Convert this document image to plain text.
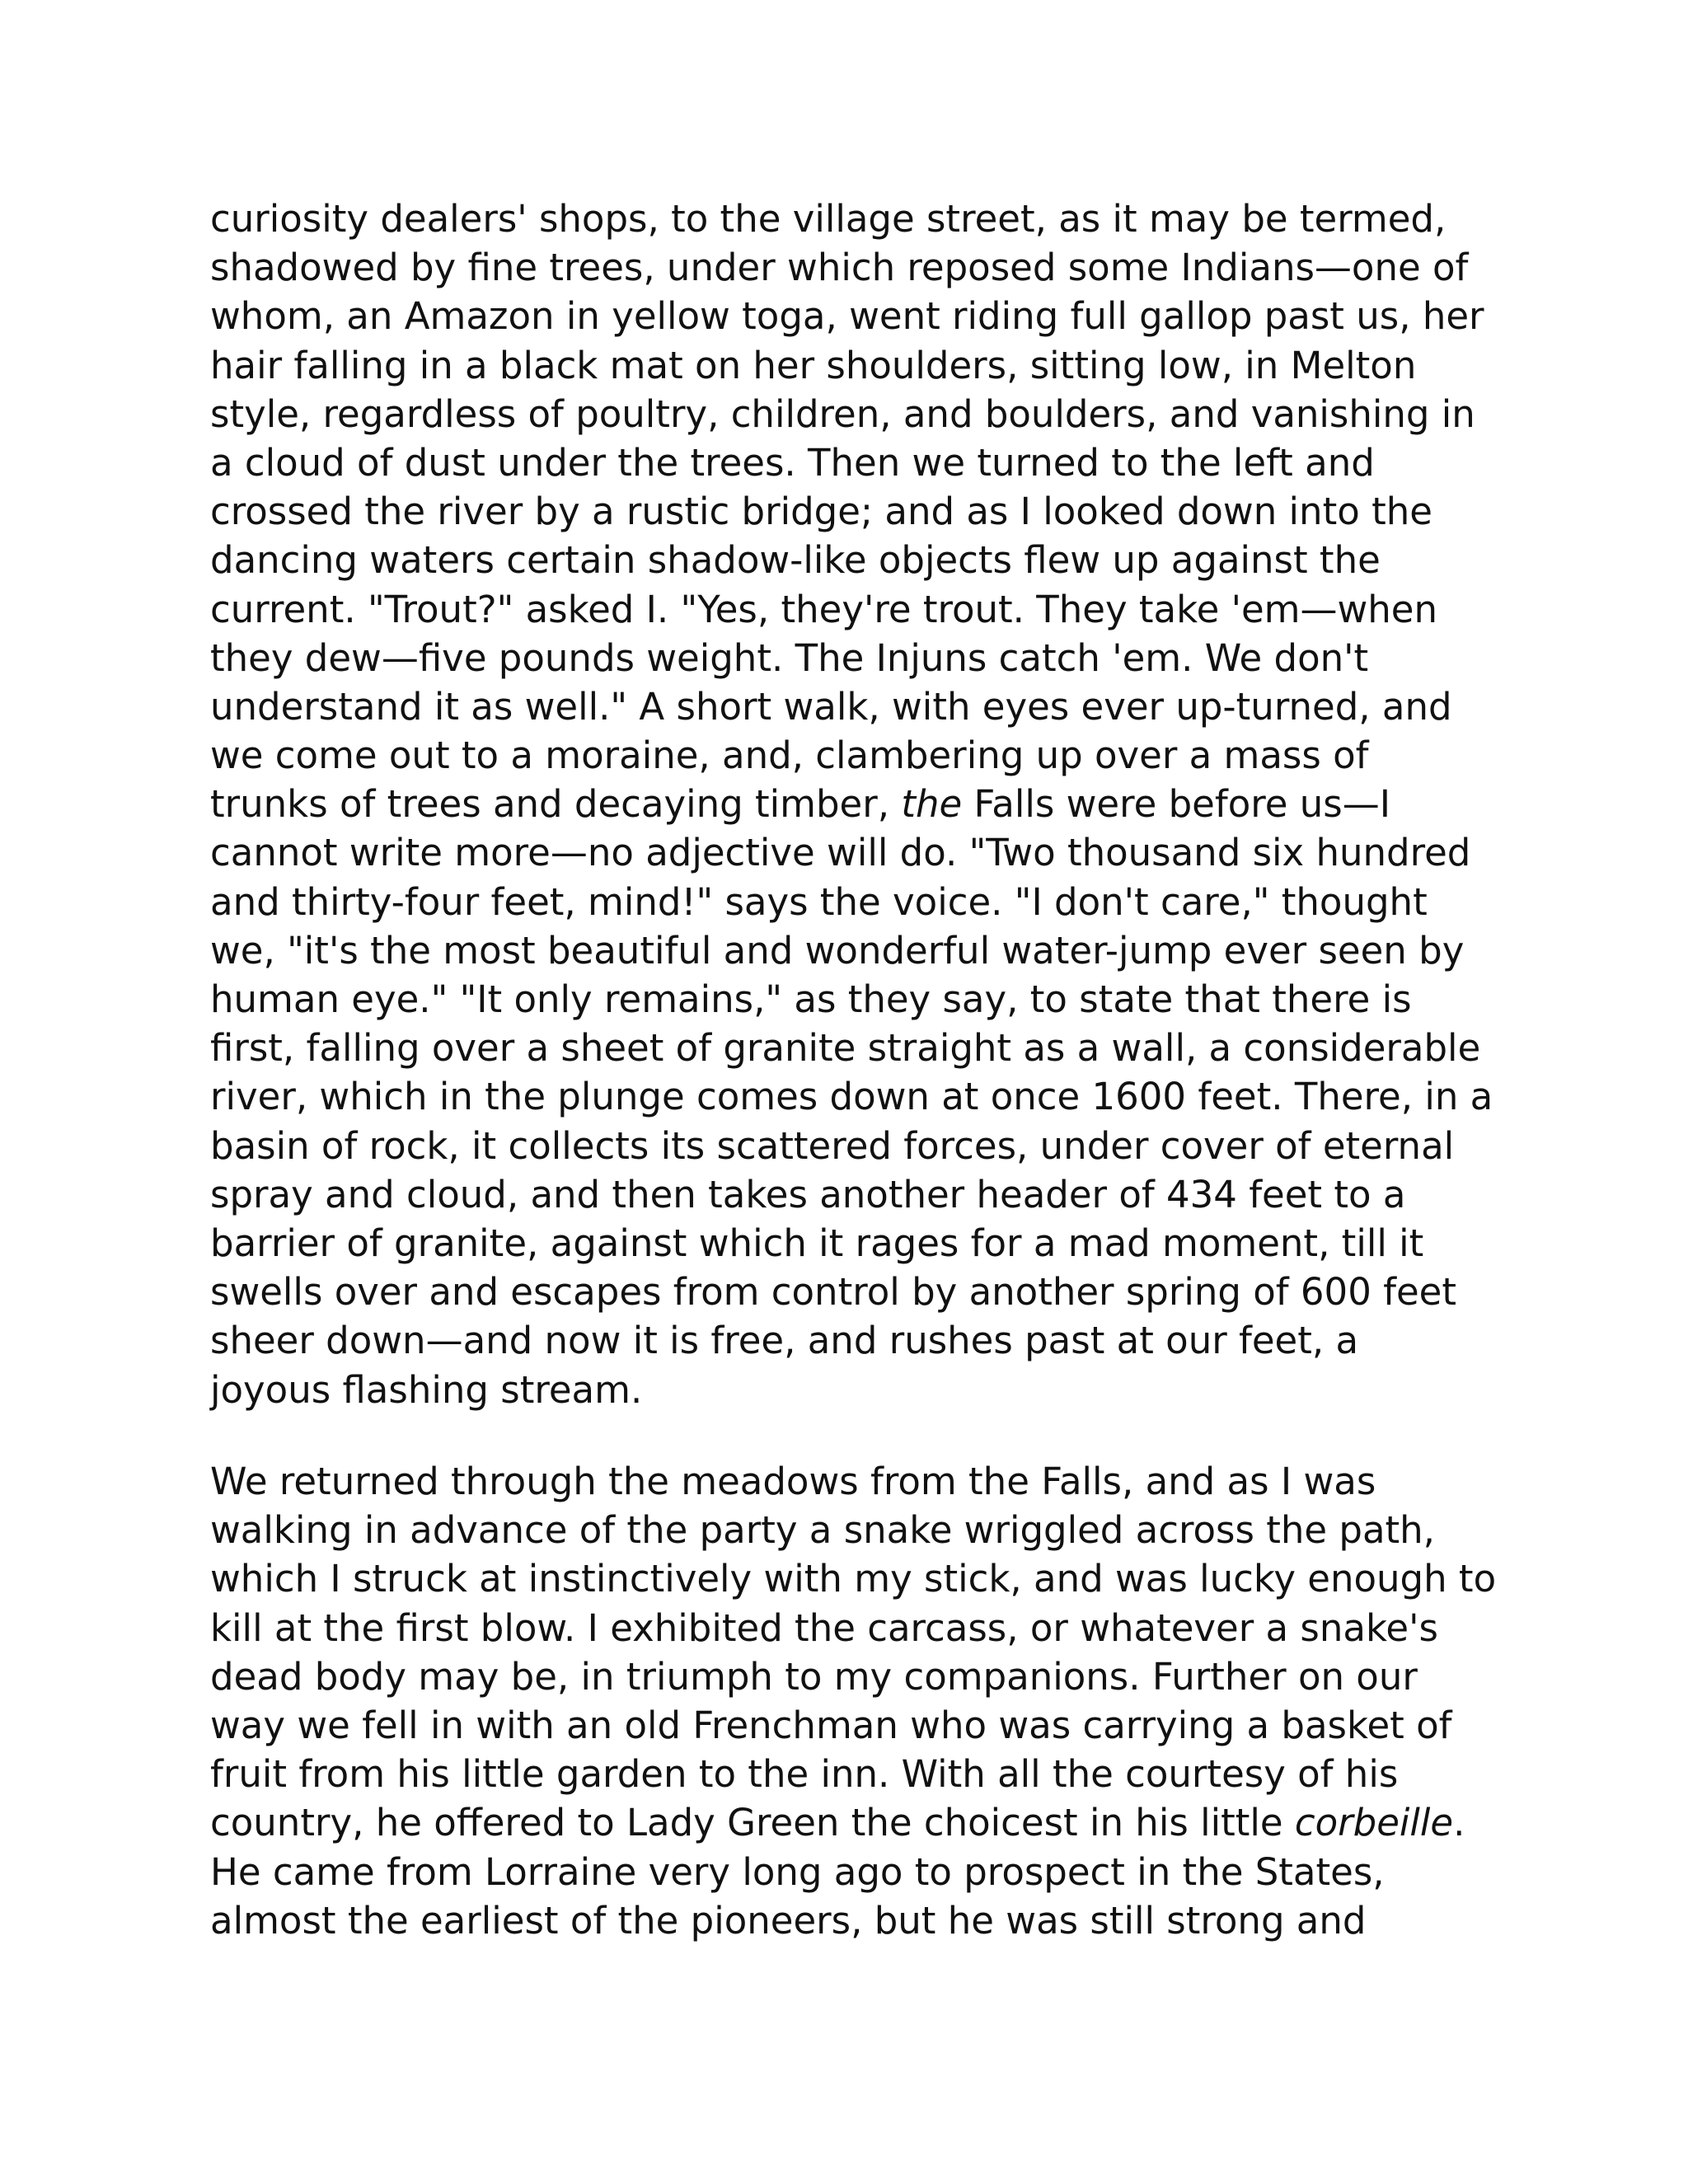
curiosity dealers' shops, to the village street, as it may be termed,
shadowed by fine trees, under which reposed some Indians—one of
whom, an Amazon in yellow toga, went riding full gallop past us, her
hair falling in a black mat on her shoulders, sitting low, in Melton
style, regardless of poultry, children, and boulders, and vanishing in
a cloud of dust under the trees. Then we turned to the left and
crossed the river by a rustic bridge; and as I looked down into the
dancing waters certain shadow-like objects flew up against the
current. "Trout?" asked I. "Yes, they're trout. They take 'em—when
they dew—five pounds weight. The Injuns catch 'em. We don't
understand it as well." A short walk, with eyes ever up-turned, and
we come out to a moraine, and, clambering up over a mass of
trunks of trees and decaying timber, the Falls were before us—I
cannot write more—no adjective will do. "Two thousand six hundred
and thirty-four feet, mind!" says the voice. "I don't care," thought
we, "it's the most beautiful and wonderful water-jump ever seen by
human eye." "It only remains," as they say, to state that there is
first, falling over a sheet of granite straight as a wall, a considerable
river, which in the plunge comes down at once 1600 feet. There, in a
basin of rock, it collects its scattered forces, under cover of eternal
spray and cloud, and then takes another header of 434 feet to a
barrier of granite, against which it rages for a mad moment, till it
swells over and escapes from control by another spring of 600 feet
sheer down—and now it is free, and rushes past at our feet, a
joyous flashing stream.
We returned through the meadows from the Falls, and as I was
walking in advance of the party a snake wriggled across the path,
which I struck at instinctively with my stick, and was lucky enough to
kill at the first blow. I exhibited the carcass, or whatever a snake's
dead body may be, in triumph to my companions. Further on our
way we fell in with an old Frenchman who was carrying a basket of
fruit from his little garden to the inn. With all the courtesy of his
country, he offered to Lady Green the choicest in his little corbeille.
He came from Lorraine very long ago to prospect in the States,
almost the earliest of the pioneers, but he was still strong and
